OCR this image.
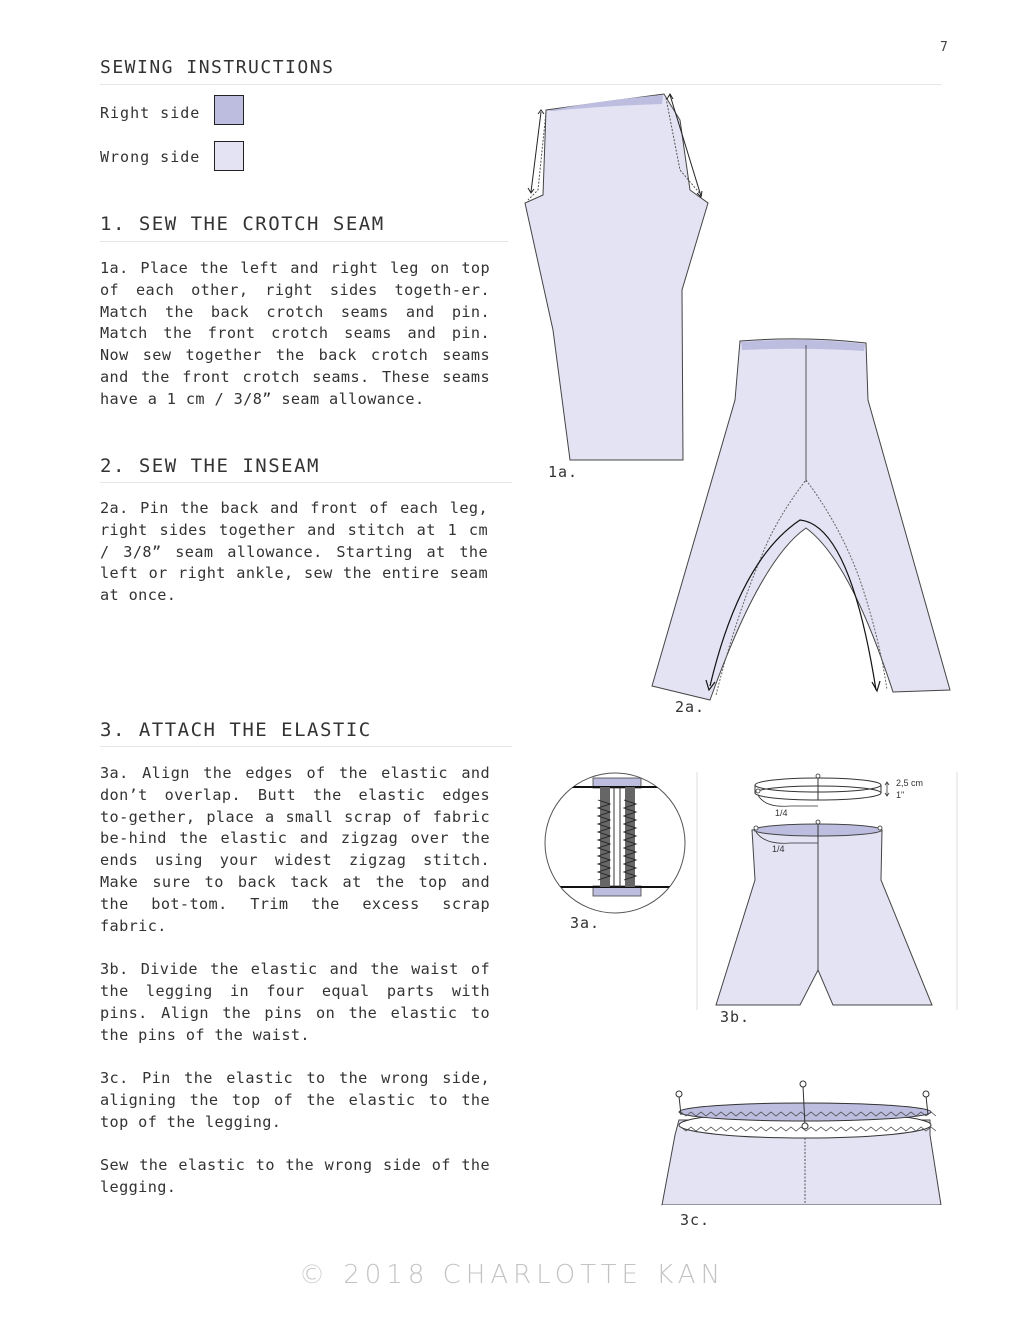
7
SEWING INSTRUCTIONS
Right side
Wrong side
1. SEW THE CROTCH SEAM

1a. Place the left and right leg on top of each other, right sides togeth-er. Match the back crotch seams and pin. Match the front crotch seams and pin. Now sew together the back crotch seams and the front crotch seams. These seams have a 1 cm / 3/8” seam allowance.

2. SEW THE INSEAM

2a. Pin the back and front of each leg, right sides together and stitch at 1 cm / 3/8” seam allowance. Starting at the left or right ankle, sew the entire seam at once.

3. ATTACH THE ELASTIC

3a. Align the edges of the elastic and don’t overlap. Butt the elastic edges to-gether, place a small scrap of fabric be-hind the elastic and zigzag over the ends using your widest zigzag stitch. Make sure to back tack at the top and the bot-tom. Trim the excess scrap fabric.

3b. Divide the elastic and the waist of the legging in four equal parts with pins. Align the pins on the elastic to the pins of the waist.

3c. Pin the elastic to the wrong side, aligning the top of the elastic to the top of the legging.

Sew the elastic to the wrong side of the legging.

1a.
2a.
3a.
1/4
1/4
2,5 cm
1"
3b.
3c.
© 2018 CHARLOTTE KAN
